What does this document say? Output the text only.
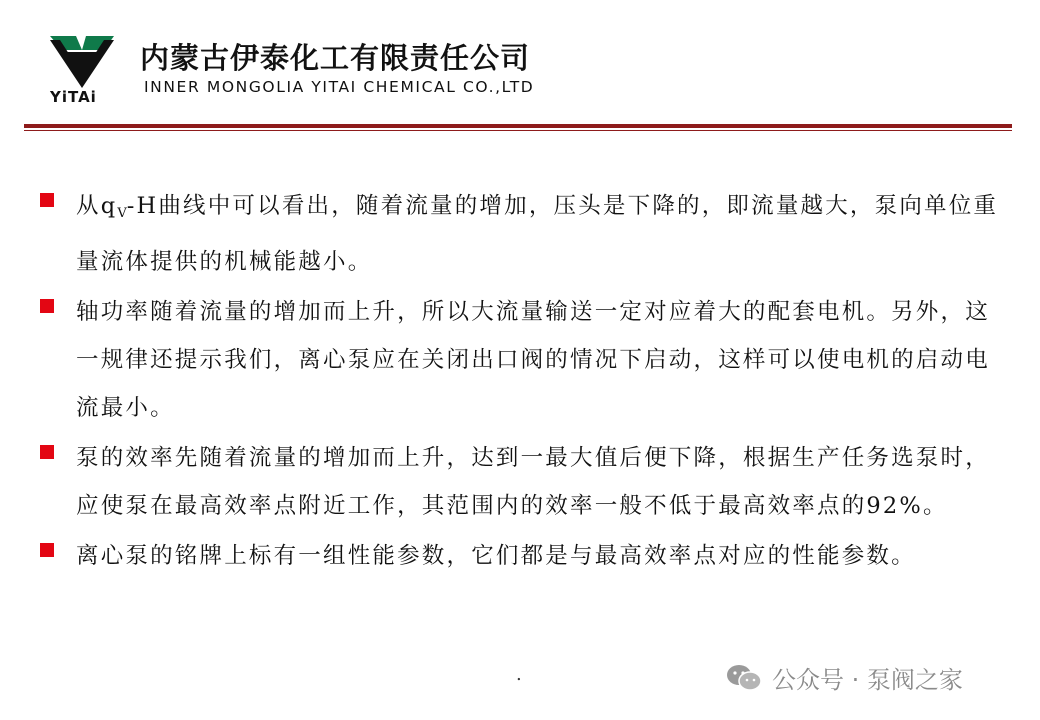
YiTAi
内蒙古伊泰化工有限责任公司
INNER MONGOLIA YITAI CHEMICAL CO.,LTD
从$q_V-H$曲线中可以看出，随着流量的增加，压头是下降的，即流量越大，泵向单位重量流体提供的机械能越小。
轴功率随着流量的增加而上升，所以大流量输送一定对应着大的配套电机。另外，这一规律还提示我们，离心泵应在关闭出口阀的情况下启动，这样可以使电机的启动电流最小。
泵的效率先随着流量的增加而上升，达到一最大值后便下降，根据生产任务选泵时，应使泵在最高效率点附近工作，其范围内的效率一般不低于最高效率点的92%。
离心泵的铭牌上标有一组性能参数，它们都是与最高效率点对应的性能参数。
.	公众号 · 泵阀之家
